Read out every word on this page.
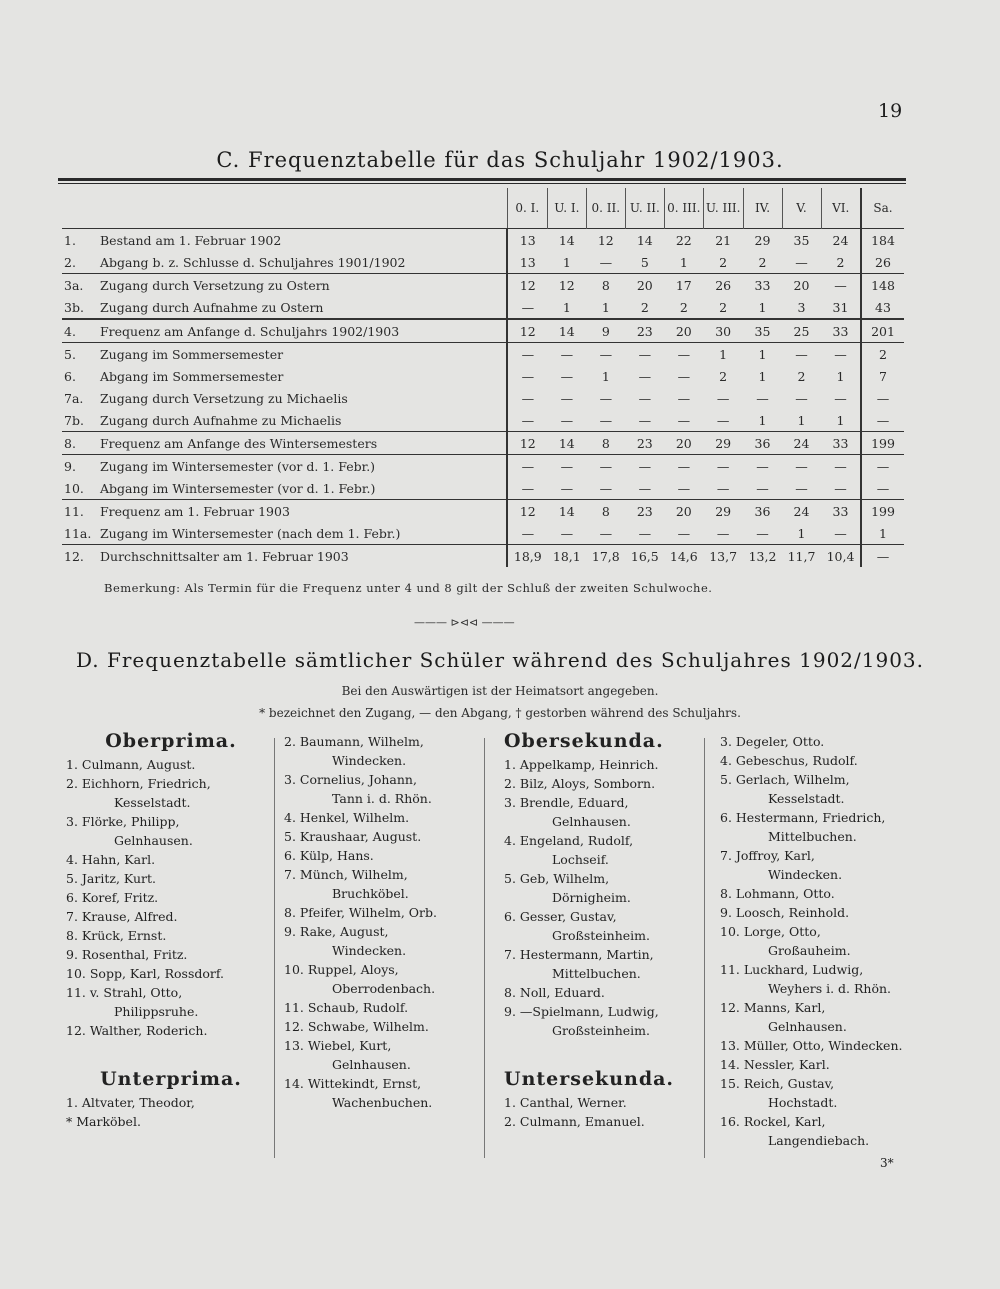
19
C. Frequenztabelle für das Schuljahr 1902/1903.
		0. I.	U. I.	0. II.	U. II.	0. III.	U. III.	IV.	V.	VI.	Sa.
1.	Bestand am 1. Februar 1902	13	14	12	14	22	21	29	35	24	184
2.	Abgang b. z. Schlusse d. Schuljahres 1901/1902	13	1	—	5	1	2	2	—	2	26
3a.	Zugang durch Versetzung zu Ostern	12	12	8	20	17	26	33	20	—	148
3b.	Zugang durch Aufnahme zu Ostern	—	1	1	2	2	2	1	3	31	43
4.	Frequenz am Anfange d. Schuljahrs 1902/1903	12	14	9	23	20	30	35	25	33	201
5.	Zugang im Sommersemester	—	—	—	—	—	1	1	—	—	2
6.	Abgang im Sommersemester	—	—	1	—	—	2	1	2	1	7
7a.	Zugang durch Versetzung zu Michaelis	—	—	—	—	—	—	—	—	—	—
7b.	Zugang durch Aufnahme zu Michaelis	—	—	—	—	—	—	1	1	1	—
8.	Frequenz am Anfange des Wintersemesters	12	14	8	23	20	29	36	24	33	199
9.	Zugang im Wintersemester (vor d. 1. Febr.)	—	—	—	—	—	—	—	—	—	—
10.	Abgang im Wintersemester (vor d. 1. Febr.)	—	—	—	—	—	—	—	—	—	—
11.	Frequenz am 1. Februar 1903	12	14	8	23	20	29	36	24	33	199
11a.	Zugang im Wintersemester (nach dem 1. Febr.)	—	—	—	—	—	—	—	1	—	1
12.	Durchschnittsalter am 1. Februar 1903	18,9	18,1	17,8	16,5	14,6	13,7	13,2	11,7	10,4	—
Bemerkung: Als Termin für die Frequenz unter 4 und 8 gilt der Schluß der zweiten Schulwoche.
——— ⊳⊲⊲ ———
D. Frequenztabelle sämtlicher Schüler während des Schuljahres 1902/1903.
Bei den Auswärtigen ist der Heimatsort angegeben.
* bezeichnet den Zugang, — den Abgang, † gestorben während des Schuljahrs.
Oberprima.
1. Culmann, August.
2. Eichhorn, Friedrich,
Kesselstadt.
3. Flörke, Philipp,
Gelnhausen.
4. Hahn, Karl.
5. Jaritz, Kurt.
6. Koref, Fritz.
7. Krause, Alfred.
8. Krück, Ernst.
9. Rosenthal, Fritz.
10. Sopp, Karl, Rossdorf.
11. v. Strahl, Otto,
Philippsruhe.
12. Walther, Roderich.
Unterprima.
1. Altvater, Theodor,
* Marköbel.
2. Baumann, Wilhelm,
Windecken.
3. Cornelius, Johann,
Tann i. d. Rhön.
4. Henkel, Wilhelm.
5. Kraushaar, August.
6. Külp, Hans.
7. Münch, Wilhelm,
Bruchköbel.
8. Pfeifer, Wilhelm, Orb.
9. Rake, August,
Windecken.
10. Ruppel, Aloys,
Oberrodenbach.
11. Schaub, Rudolf.
12. Schwabe, Wilhelm.
13. Wiebel, Kurt,
Gelnhausen.
14. Wittekindt, Ernst,
Wachenbuchen.
Obersekunda.
1. Appelkamp, Heinrich.
2. Bilz, Aloys, Somborn.
3. Brendle, Eduard,
Gelnhausen.
4. Engeland, Rudolf,
Lochseif.
5. Geb, Wilhelm,
Dörnigheim.
6. Gesser, Gustav,
Großsteinheim.
7. Hestermann, Martin,
Mittelbuchen.
8. Noll, Eduard.
9. —Spielmann, Ludwig,
Großsteinheim.
Untersekunda.
1. Canthal, Werner.
2. Culmann, Emanuel.
3. Degeler, Otto.
4. Gebeschus, Rudolf.
5. Gerlach, Wilhelm,
Kesselstadt.
6. Hestermann, Friedrich,
Mittelbuchen.
7. Joffroy, Karl,
Windecken.
8. Lohmann, Otto.
9. Loosch, Reinhold.
10. Lorge, Otto,
Großauheim.
11. Luckhard, Ludwig,
Weyhers i. d. Rhön.
12. Manns, Karl,
Gelnhausen.
13. Müller, Otto, Windecken.
14. Nessler, Karl.
15. Reich, Gustav,
Hochstadt.
16. Rockel, Karl,
Langendiebach.
3*
